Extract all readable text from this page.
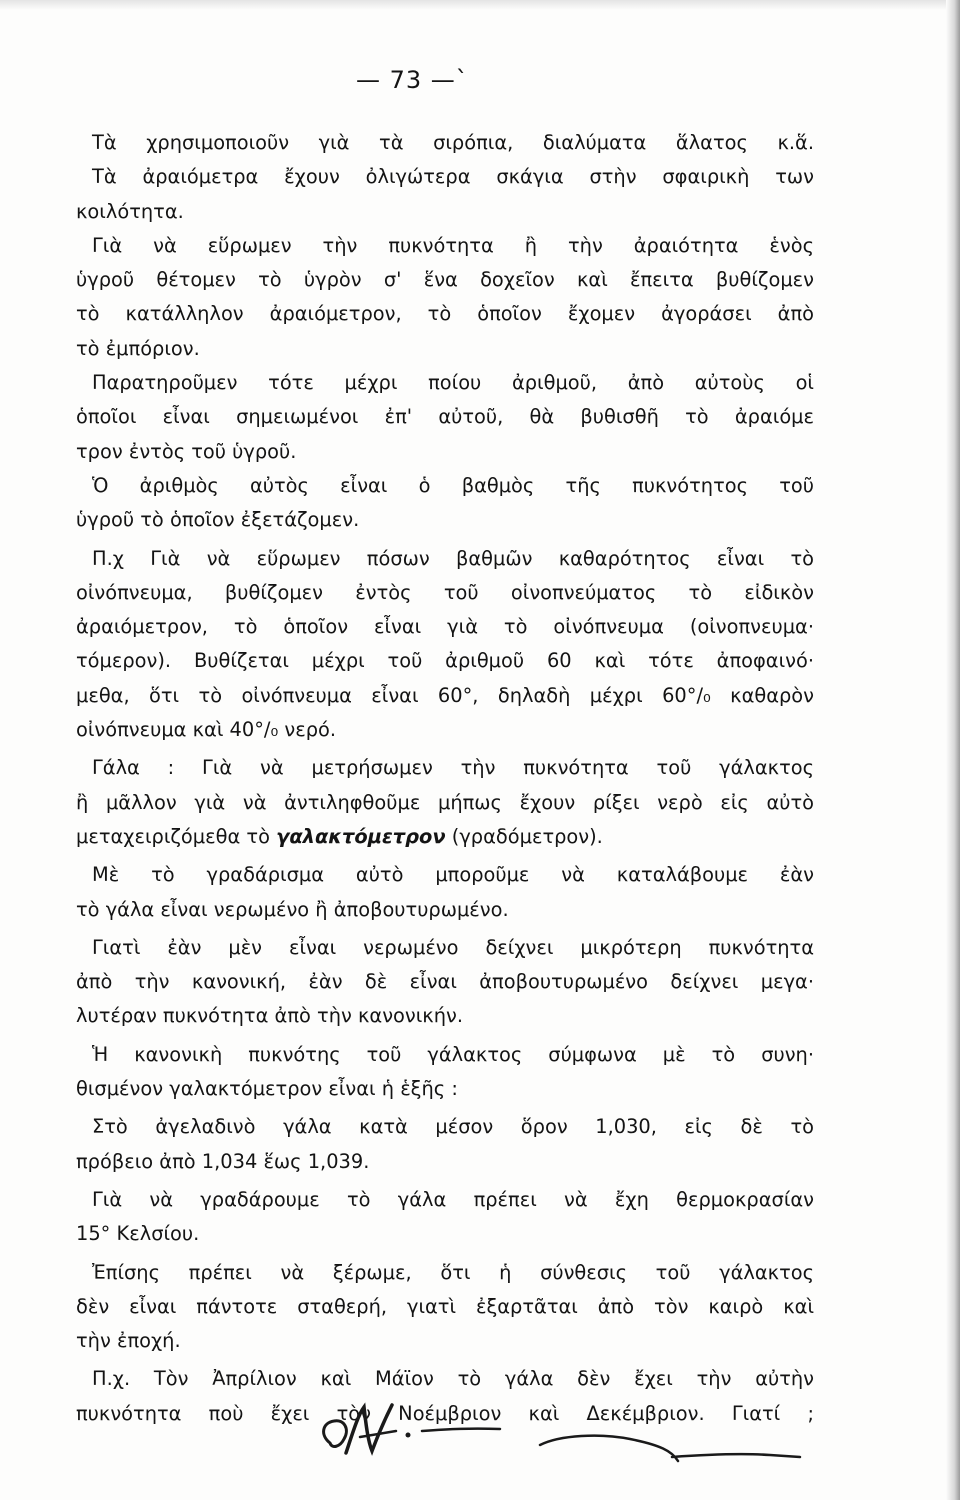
— 73 —`
Τὰ χρησιμοποιοῦν γιὰ τὰ σιρόπια, διαλύματα ἅλατος κ.ἅ.
Τὰ ἀραιόμετρα ἔχουν ὀλιγώτερα σκάγια στὴν σφαιρικὴ των
κοιλότητα.
Γιὰ νὰ εὕρωμεν τὴν πυκνότητα ἢ τὴν ἀραιότητα ἑνὸς
ὑγροῦ θέτομεν τὸ ὑγρὸν σ' ἕνα δοχεῖον καὶ ἔπειτα βυθίζομεν
τὸ κατάλληλον ἀραιόμετρον, τὸ ὁποῖον ἔχομεν ἀγοράσει ἀπὸ
τὸ ἐμπόριον.
Παρατηροῦμεν τότε μέχρι ποίου ἀριθμοῦ, ἀπὸ αὐτοὺς οἱ
ὁποῖοι εἶναι σημειωμένοι ἐπ' αὐτοῦ, θὰ βυθισθῆ τὸ ἀραιόμε
τρον ἐντὸς τοῦ ὑγροῦ.
Ὁ ἀριθμὸς αὐτὸς εἶναι ὁ βαθμὸς τῆς πυκνότητος τοῦ
ὑγροῦ τὸ ὁποῖον ἐξετάζομεν.
Π.χ Γιὰ νὰ εὕρωμεν πόσων βαθμῶν καθαρότητος εἶναι τὸ
οἰνόπνευμα, βυθίζομεν ἐντὸς τοῦ οἰνοπνεύματος τὸ εἰδικὸν
ἀραιόμετρον, τὸ ὁποῖον εἶναι γιὰ τὸ οἰνόπνευμα (οἰνοπνευμα·
τόμερον). Βυθίζεται μέχρι τοῦ ἀριθμοῦ 60 καὶ τότε ἀποφαινό·
μεθα, ὅτι τὸ οἰνόπνευμα εἶναι 60°, δηλαδὴ μέχρι 60°/₀ καθαρὸν
οἰνόπνευμα καὶ 40°/₀ νερό.
Γάλα : Γιὰ νὰ μετρήσωμεν τὴν πυκνότητα τοῦ γάλακτος
ἢ μᾶλλον γιὰ νὰ ἀντιληφθοῦμε μήπως ἔχουν ρίξει νερὸ εἰς αὐτὸ
μεταχειριζόμεθα τὸ γαλακτόμετρον (γραδόμετρον).
Μὲ τὸ γραδάρισμα αὐτὸ μποροῦμε νὰ καταλάβουμε ἐὰν
τὸ γάλα εἶναι νερωμένο ἢ ἀποβουτυρωμένο.
Γιατὶ ἐὰν μὲν εἶναι νερωμένο δείχνει μικρότερη πυκνότητα
ἀπὸ τὴν κανονική, ἐὰν δὲ εἶναι ἀποβουτυρωμένο δείχνει μεγα·
λυτέραν πυκνότητα ἀπὸ τὴν κανονικήν.
Ἡ κανονικὴ πυκνότης τοῦ γάλακτος σύμφωνα μὲ τὸ συνη·
θισμένον γαλακτόμετρον εἶναι ἡ ἑξῆς :
Στὸ ἀγελαδινὸ γάλα κατὰ μέσον ὅρον 1,030, εἰς δὲ τὸ
πρόβειο ἀπὸ 1,034 ἕως 1,039.
Γιὰ νὰ γραδάρουμε τὸ γάλα πρέπει νὰ ἔχη θερμοκρασίαν
15° Κελσίου.
Ἐπίσης πρέπει νὰ ξέρωμε, ὅτι ἡ σύνθεσις τοῦ γάλακτος
δὲν εἶναι πάντοτε σταθερή, γιατὶ ἐξαρτᾶται ἀπὸ τὸν καιρὸ καὶ
τὴν ἐποχή.
Π.χ. Τὸν Ἀπρίλιον καὶ Μάϊον τὸ γάλα δὲν ἔχει τὴν αὐτὴν
πυκνότητα ποὺ ἔχει τὸν Νοέμβριον καὶ Δεκέμβριον. Γιατί ;
